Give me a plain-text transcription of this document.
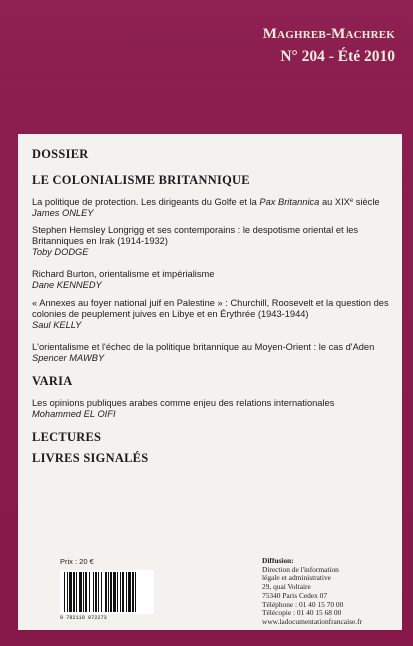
Maghreb-Machrek
N° 204 - Été 2010
DOSSIER
LE COLONIALISME BRITANNIQUE
La politique de protection. Les dirigeants du Golfe et la Pax Britannica au XIXe siècle
James ONLEY
Stephen Hemsley Longrigg et ses contemporains : le despotisme oriental et les Britanniques en Irak (1914-1932)
Toby DODGE
Richard Burton, orientalisme et impérialisme
Dane KENNEDY
« Annexes au foyer national juif en Palestine » : Churchill, Roosevelt et la question des colonies de peuplement juives en Libye et en Érythrée (1943-1944)
Saul KELLY
L'orientalisme et l'échec de la politique britannique au Moyen-Orient : le cas d'Aden
Spencer MAWBY
VARIA
Les opinions publiques arabes comme enjeu des relations internationales
Mohammed EL OIFI
LECTURES
LIVRES SIGNALÉS
Prix : 20 €
9 782110 072273
Diffusion:
Direction de l'information
légale et administrative
29, quai Voltaire
75340 Paris Cedex 07
Téléphone : 01 40 15 70 00
Télécopie : 01 40 15 68 00
www.ladocumentationfrancaise.fr
